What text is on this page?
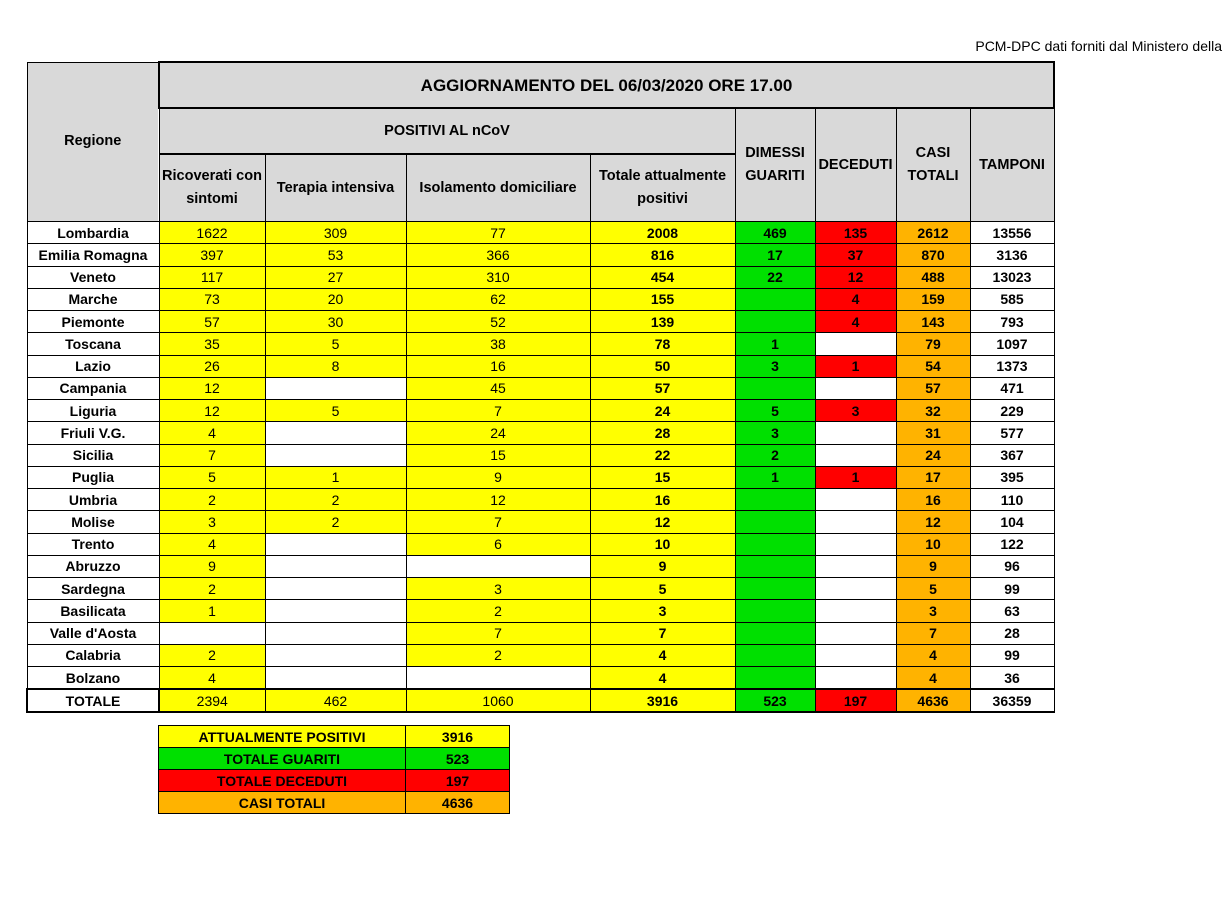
PCM-DPC dati forniti dal Ministero della
Regione	AGGIORNAMENTO DEL 06/03/2020 ORE 17.00							
	POSITIVI AL nCoV				DIMESSI GUARITI	DECEDUTI	CASI TOTALI	TAMPONI
	Ricoverati con sintomi	Terapia intensiva	Isolamento domiciliare	Totale attualmente positivi				
Lombardia	1622	309	77	2008	469	135	2612	13556
Emilia Romagna	397	53	366	816	17	37	870	3136
Veneto	117	27	310	454	22	12	488	13023
Marche	73	20	62	155		4	159	585
Piemonte	57	30	52	139		4	143	793
Toscana	35	5	38	78	1		79	1097
Lazio	26	8	16	50	3	1	54	1373
Campania	12		45	57			57	471
Liguria	12	5	7	24	5	3	32	229
Friuli V.G.	4		24	28	3		31	577
Sicilia	7		15	22	2		24	367
Puglia	5	1	9	15	1	1	17	395
Umbria	2	2	12	16			16	110
Molise	3	2	7	12			12	104
Trento	4		6	10			10	122
Abruzzo	9			9			9	96
Sardegna	2		3	5			5	99
Basilicata	1		2	3			3	63
Valle d'Aosta			7	7			7	28
Calabria	2		2	4			4	99
Bolzano	4			4			4	36
TOTALE	2394	462	1060	3916	523	197	4636	36359
ATTUALMENTE POSITIVI	3916
TOTALE GUARITI	523
TOTALE DECEDUTI	197
CASI TOTALI	4636
